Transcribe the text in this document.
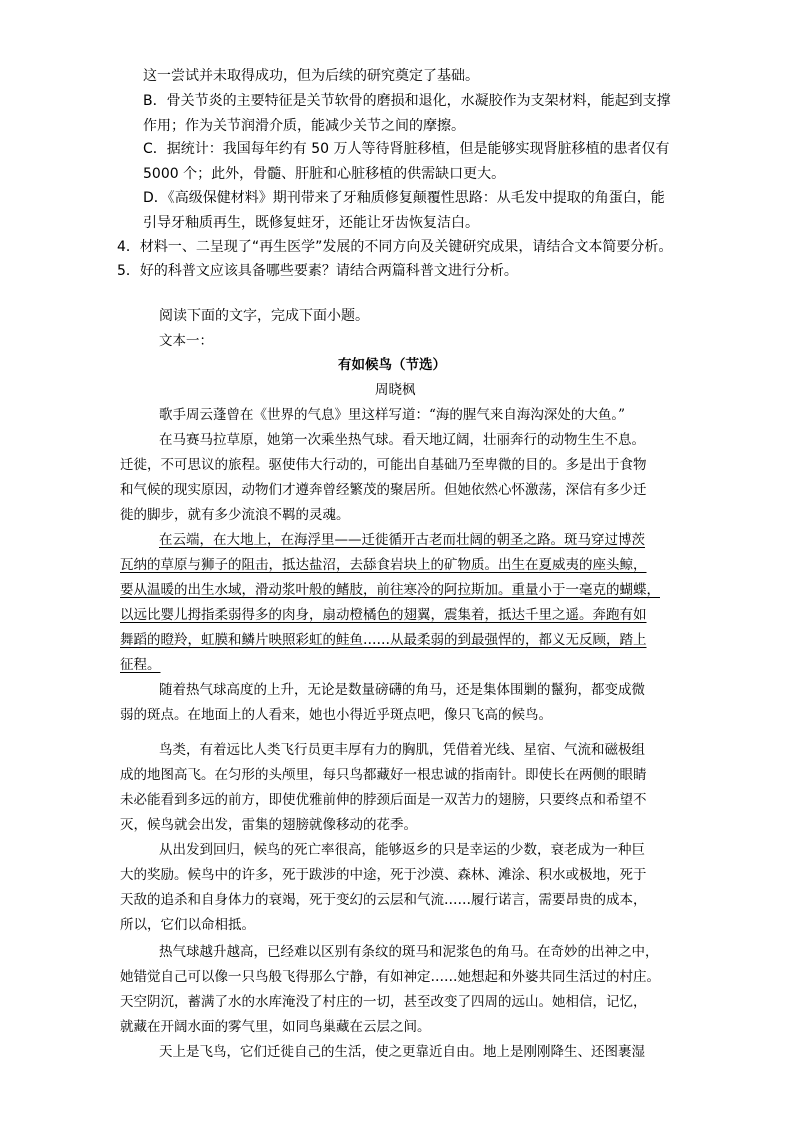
这一尝试并未取得成功，但为后续的研究奠定了基础。
B．骨关节炎的主要特征是关节软骨的磨损和退化，水凝胶作为支架材料，能起到支撑
作用；作为关节润滑介质，能减少关节之间的摩擦。
C．据统计：我国每年约有 50 万人等待肾脏移植，但是能够实现肾脏移植的患者仅有
5000 个；此外，骨髓、肝脏和心脏移植的供需缺口更大。
D．《高级保健材料》期刊带来了牙釉质修复颠覆性思路：从毛发中提取的角蛋白，能
引导牙釉质再生，既修复蛀牙，还能让牙齿恢复洁白。
4．材料一、二呈现了“再生医学”发展的不同方向及关键研究成果，请结合文本简要分析。
5．好的科普文应该具备哪些要素？请结合两篇科普文进行分析。
阅读下面的文字，完成下面小题。
文本一：
有如候鸟（节选）
周晓枫
歌手周云蓬曾在《世界的气息》里这样写道：“海的腥气来自海沟深处的大鱼。”
在马赛马拉草原，她第一次乘坐热气球。看天地辽阔，壮丽奔行的动物生生不息。
迁徙，不可思议的旅程。驱使伟大行动的，可能出自基础乃至卑微的目的。多是出于食物
和气候的现实原因，动物们才遵奔曾经繁茂的聚居所。但她依然心怀激荡，深信有多少迁
徙的脚步，就有多少流浪不羁的灵魂。
在云端，在大地上，在海浮里——迁徙循开古老而壮阔的朝圣之路。斑马穿过博茨
瓦纳的草原与狮子的阻击，抵达盐沼，去舔食岩块上的矿物质。出生在夏威夷的座头鲸，
要从温暖的出生水域，滑动浆叶般的鳍肢，前往寒冷的阿拉斯加。重量小于一毫克的蝴蝶，
以远比婴儿拇指柔弱得多的肉身，扇动橙橘色的翅翼，震集着，抵达千里之遥。奔跑有如
舞蹈的瞪羚，虹膜和鳞片映照彩虹的鲑鱼……从最柔弱的到最强悍的，都义无反顾，踏上
征程。
随着热气球高度的上升，无论是数量磅礴的角马，还是集体围剿的鬣狗，都变成微
弱的斑点。在地面上的人看来，她也小得近乎斑点吧，像只飞高的候鸟。
鸟类，有着远比人类飞行员更丰厚有力的胸肌，凭借着光线、星宿、气流和磁极组
成的地图高飞。在匀形的头颅里，每只鸟都藏好一根忠诚的指南针。即使长在两侧的眼睛
未必能看到多远的前方，即使优雅前伸的脖颈后面是一双苦力的翅膀，只要终点和希望不
灭，候鸟就会出发，雷集的翅膀就像移动的花季。
从出发到回归，候鸟的死亡率很高，能够返乡的只是幸运的少数，衰老成为一种巨
大的奖励。候鸟中的许多，死于跋涉的中途，死于沙漠、森林、滩涂、积水或极地，死于
天敌的追杀和自身体力的衰竭，死于变幻的云层和气流……履行诺言，需要昂贵的成本，
所以，它们以命相抵。
热气球越升越高，已经难以区别有条纹的斑马和泥浆色的角马。在奇妙的出神之中，
她错觉自己可以像一只鸟般飞得那么宁静，有如神定……她想起和外婆共同生活过的村庄。
天空阴沉，蓄满了水的水库淹没了村庄的一切，甚至改变了四周的远山。她相信，记忆，
就藏在开阔水面的雾气里，如同鸟巢藏在云层之间。
天上是飞鸟，它们迁徙自己的生活，使之更靠近自由。地上是刚刚降生、还图裹湿
